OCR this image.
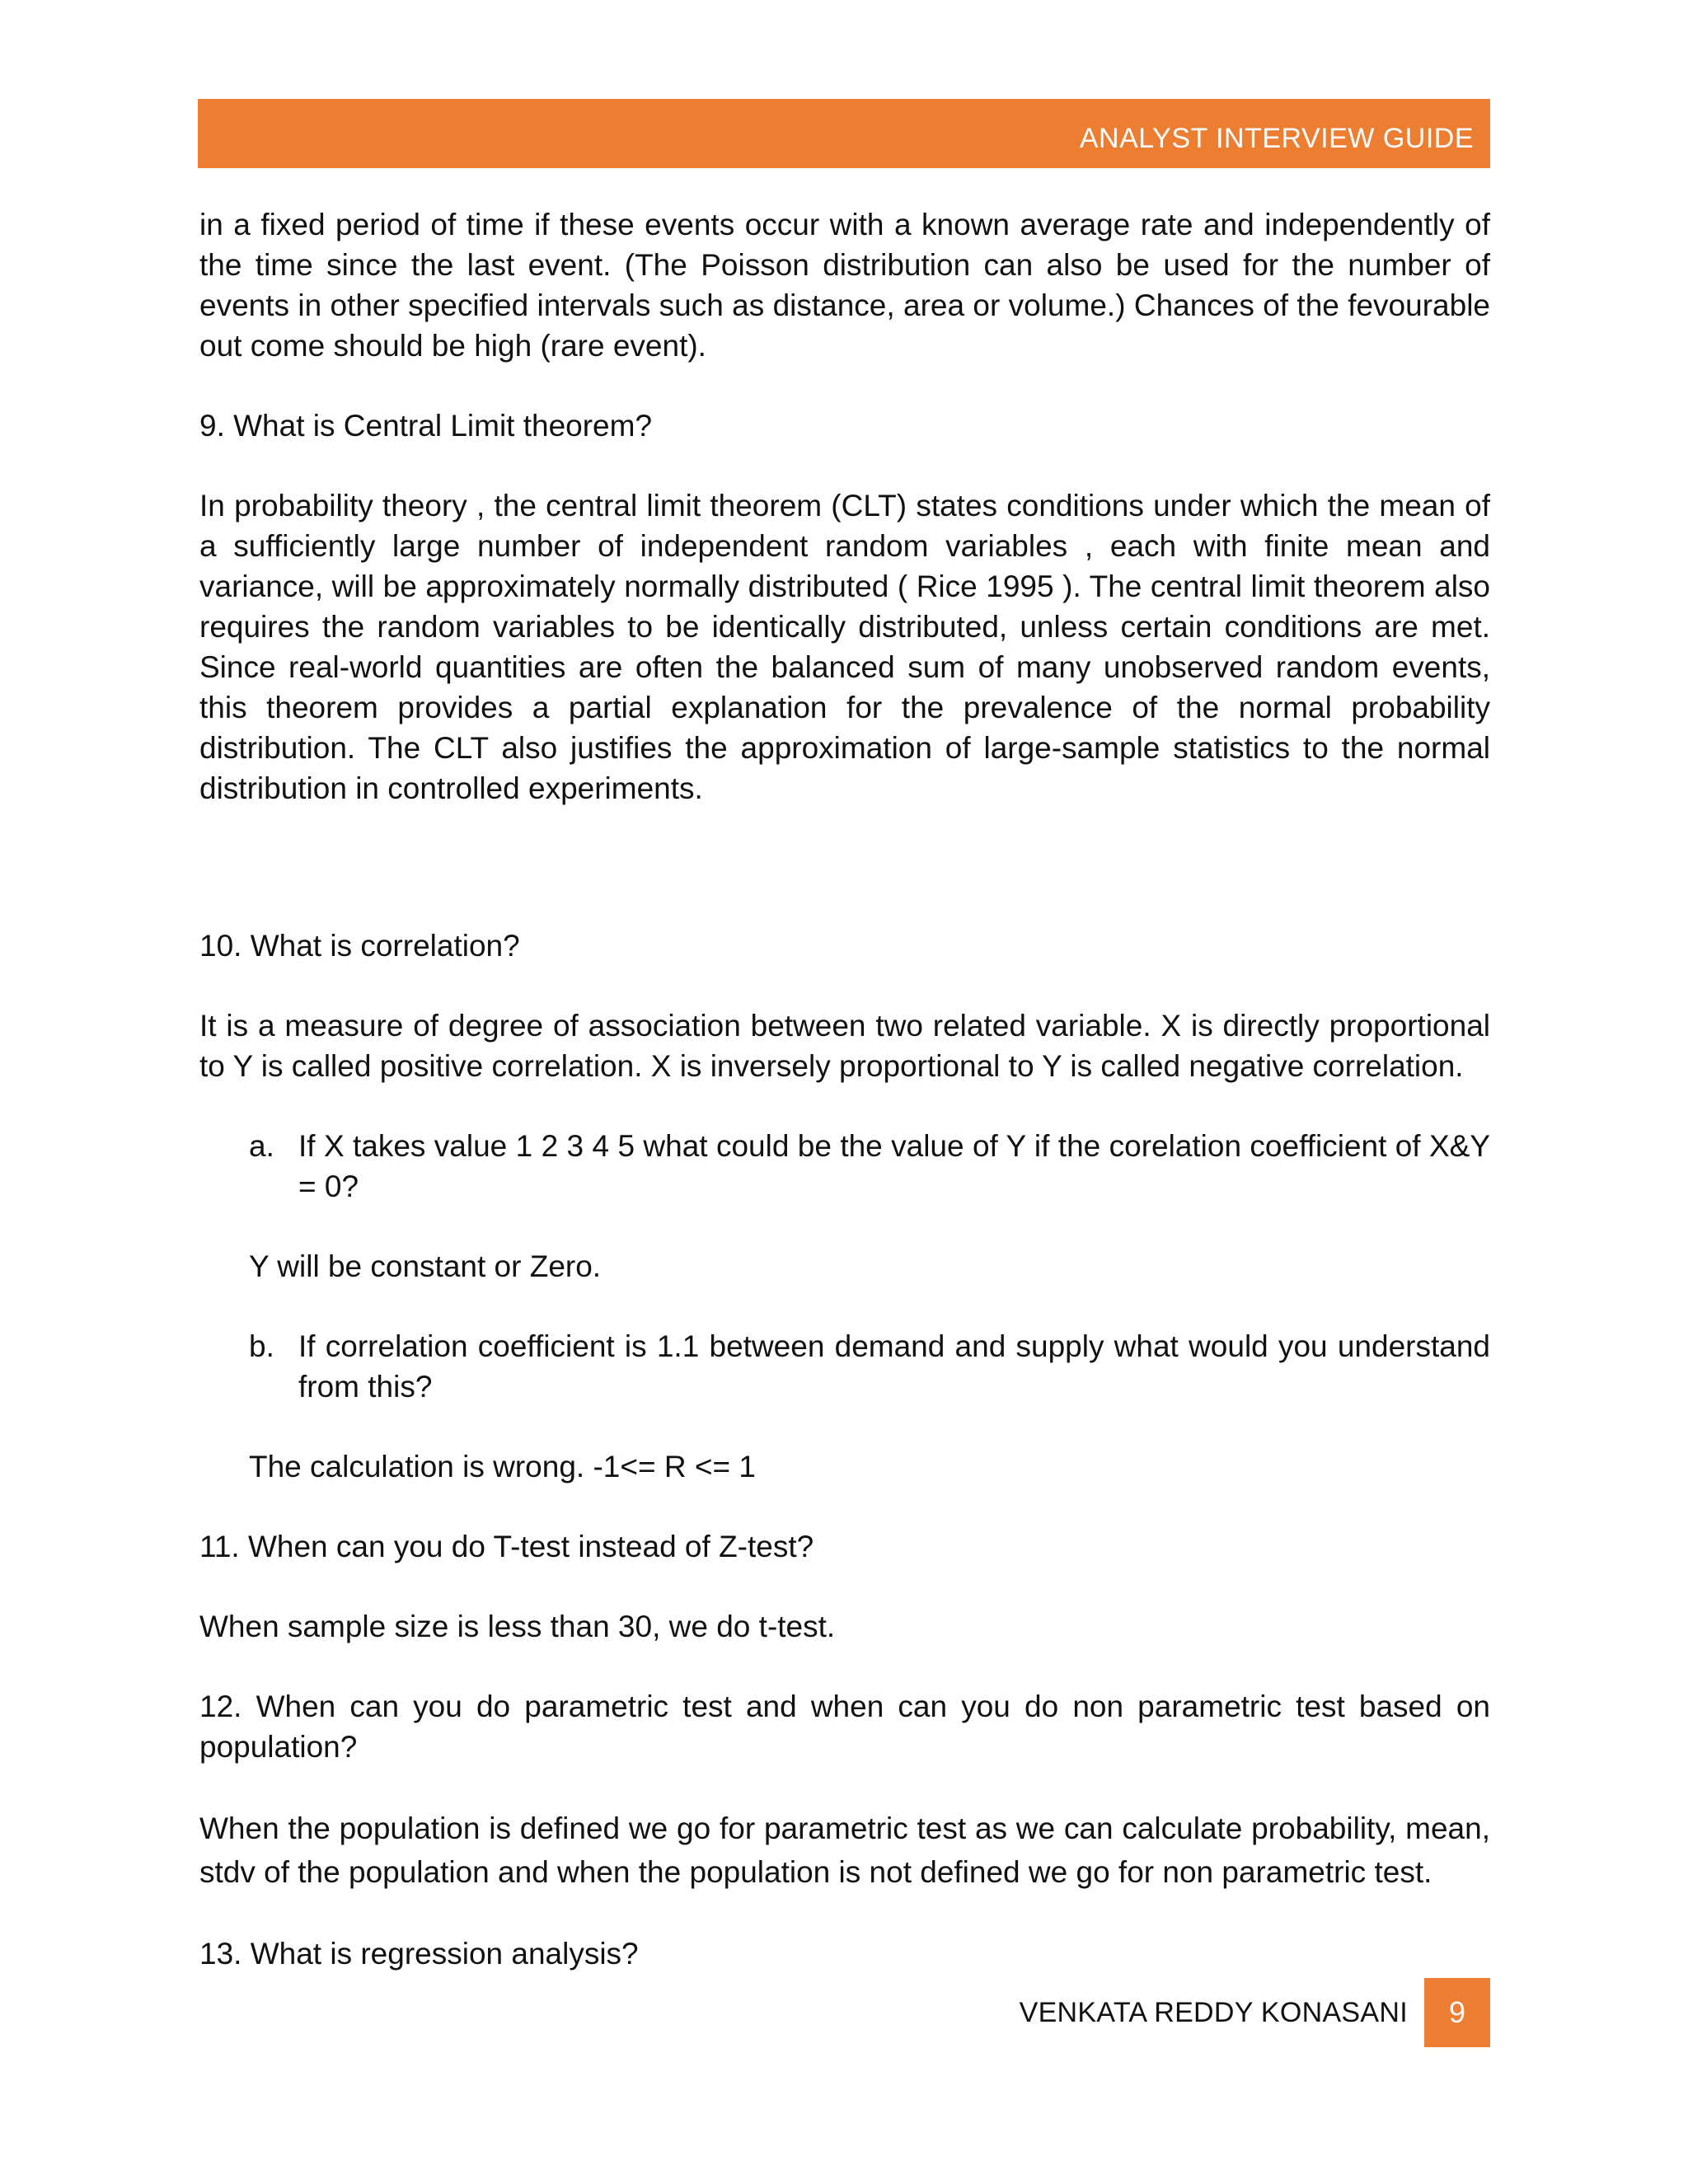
ANALYST INTERVIEW GUIDE

in a fixed period of time if these events occur with a known average rate and independently of the time since the last event. (The Poisson distribution can also be used for the number of events in other specified intervals such as distance, area or volume.) Chances of the fevourable out come should be high (rare event).

9. What is Central Limit theorem?

In probability theory , the central limit theorem (CLT) states conditions under which the mean of a sufficiently large number of independent random variables , each with finite mean and variance, will be approximately normally distributed ( Rice 1995 ). The central limit theorem also requires the random variables to be identically distributed, unless certain conditions are met. Since real-world quantities are often the balanced sum of many unobserved random events, this theorem provides a partial explanation for the prevalence of the normal probability distribution. The CLT also justifies the approximation of large-sample statistics to the normal distribution in controlled experiments.

10. What is correlation?

It is a measure of degree of association between two related variable. X is directly proportional to Y is called positive correlation. X is inversely proportional to Y is called negative correlation.

a. If X takes value 1 2 3 4 5 what could be the value of Y if the corelation coefficient of X&Y = 0?

Y will be constant or Zero.

b. If correlation coefficient is 1.1 between demand and supply what would you understand from this?

The calculation is wrong. -1<= R <= 1

11. When can you do T-test instead of Z-test?

When sample size is less than 30, we do t-test.

12. When can you do parametric test and when can you do non parametric test based on population?

When the population is defined we go for parametric test as we can calculate probability, mean, stdv of the population and when the population is not defined we go for non parametric test.

13. What is regression analysis?

VENKATA REDDY KONASANI	9
